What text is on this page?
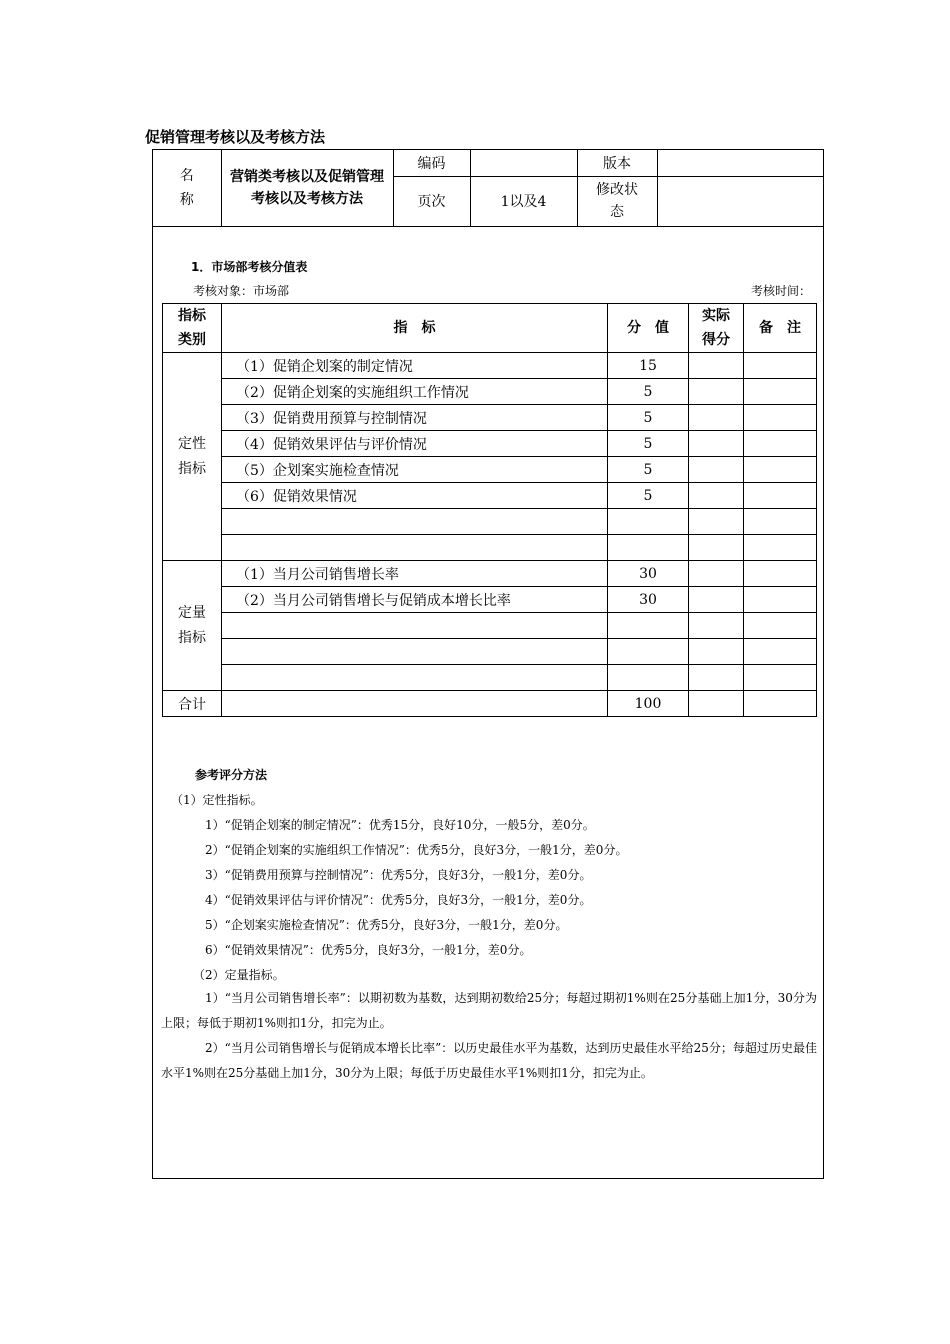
促销管理考核以及考核方法
名称	营销类考核以及促销管理考核以及考核方法	编码		版本	
		页次	1以及4	修改状态	

1．市场部考核分值表
考核对象：市场部	考核时间：
指标类别	指　标	分　值	实际得分	备　注

定性指标	（1）促销企划案的制定情况	15		
	（2）促销企划案的实施组织工作情况	5		
	（3）促销费用预算与控制情况	5		
	（4）促销效果评估与评价情况	5		
	（5）企划案实施检查情况	5		
	（6）促销效果情况	5		

定量指标	（1）当月公司销售增长率	30		
	（2）当月公司销售增长与促销成本增长比率	30		

合计		100		
参考评分方法
（1）定性指标。
1）“促销企划案的制定情况”：优秀15分，良好10分，一般5分，差0分。
2）“促销企划案的实施组织工作情况”：优秀5分，良好3分，一般1分，差0分。
3）“促销费用预算与控制情况”：优秀5分，良好3分，一般1分，差0分。
4）“促销效果评估与评价情况”：优秀5分，良好3分，一般1分，差0分。
5）“企划案实施检查情况”：优秀5分，良好3分，一般1分，差0分。
6）“促销效果情况”：优秀5分，良好3分，一般1分，差0分。
（2）定量指标。
1）“当月公司销售增长率”：以期初数为基数，达到期初数给25分；每超过期初1%则在25分基础上加1分，30分为上限；每低于期初1%则扣1分，扣完为止。
2）“当月公司销售增长与促销成本增长比率”：以历史最佳水平为基数，达到历史最佳水平给25分；每超过历史最佳水平1%则在25分基础上加1分，30分为上限；每低于历史最佳水平1%则扣1分，扣完为止。
